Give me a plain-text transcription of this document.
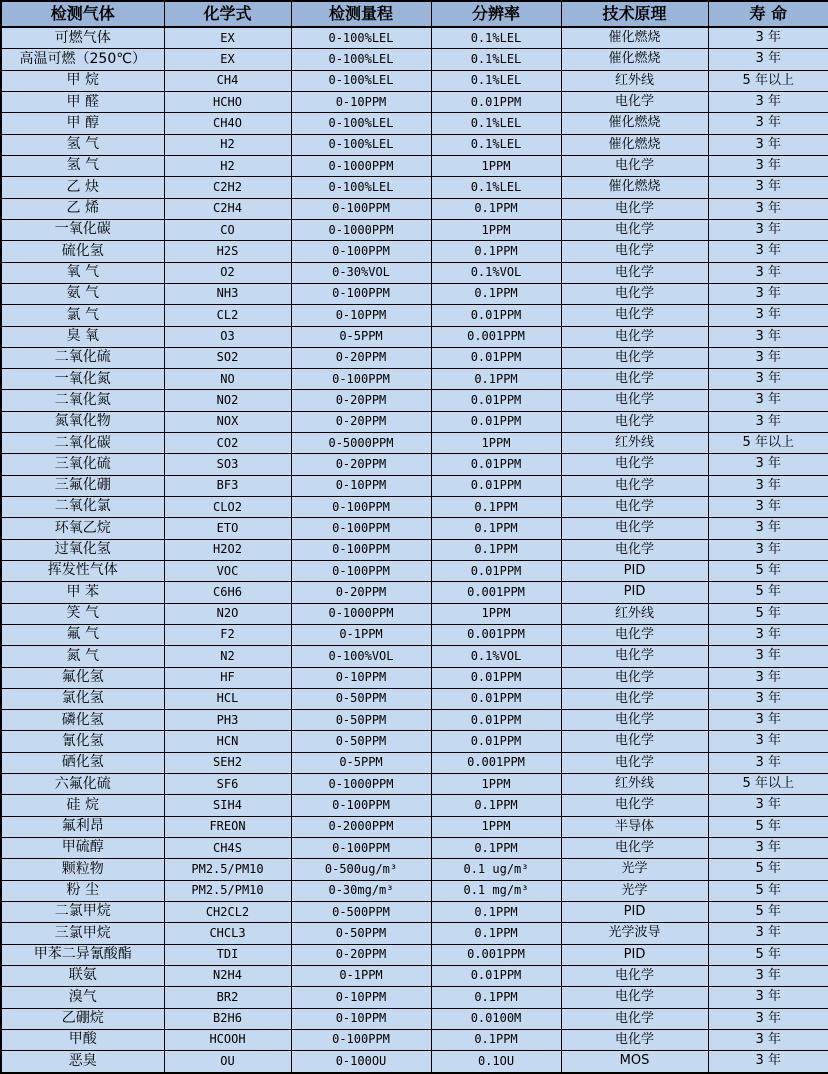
检测气体	化学式	检测量程	分辨率	技术原理	寿 命
可燃气体	EX	0-100%LEL	0.1%LEL	催化燃烧	3 年
高温可燃（250℃）	EX	0-100%LEL	0.1%LEL	催化燃烧	3 年
甲 烷	CH4	0-100%LEL	0.1%LEL	红外线	5 年以上
甲 醛	HCHO	0-10PPM	0.01PPM	电化学	3 年
甲 醇	CH4O	0-100%LEL	0.1%LEL	催化燃烧	3 年
氢 气	H2	0-100%LEL	0.1%LEL	催化燃烧	3 年
氢 气	H2	0-1000PPM	1PPM	电化学	3 年
乙 炔	C2H2	0-100%LEL	0.1%LEL	催化燃烧	3 年
乙 烯	C2H4	0-100PPM	0.1PPM	电化学	3 年
一氧化碳	CO	0-1000PPM	1PPM	电化学	3 年
硫化氢	H2S	0-100PPM	0.1PPM	电化学	3 年
氧 气	O2	0-30%VOL	0.1%VOL	电化学	3 年
氨 气	NH3	0-100PPM	0.1PPM	电化学	3 年
氯 气	CL2	0-10PPM	0.01PPM	电化学	3 年
臭 氧	O3	0-5PPM	0.001PPM	电化学	3 年
二氧化硫	SO2	0-20PPM	0.01PPM	电化学	3 年
一氧化氮	NO	0-100PPM	0.1PPM	电化学	3 年
二氧化氮	NO2	0-20PPM	0.01PPM	电化学	3 年
氮氧化物	NOX	0-20PPM	0.01PPM	电化学	3 年
二氧化碳	CO2	0-5000PPM	1PPM	红外线	5 年以上
三氧化硫	SO3	0-20PPM	0.01PPM	电化学	3 年
三氟化硼	BF3	0-10PPM	0.01PPM	电化学	3 年
二氧化氯	CLO2	0-100PPM	0.1PPM	电化学	3 年
环氧乙烷	ETO	0-100PPM	0.1PPM	电化学	3 年
过氧化氢	H2O2	0-100PPM	0.1PPM	电化学	3 年
挥发性气体	VOC	0-100PPM	0.01PPM	PID	5 年
甲 苯	C6H6	0-20PPM	0.001PPM	PID	5 年
笑 气	N2O	0-1000PPM	1PPM	红外线	5 年
氟 气	F2	0-1PPM	0.001PPM	电化学	3 年
氮 气	N2	0-100%VOL	0.1%VOL	电化学	3 年
氟化氢	HF	0-10PPM	0.01PPM	电化学	3 年
氯化氢	HCL	0-50PPM	0.01PPM	电化学	3 年
磷化氢	PH3	0-50PPM	0.01PPM	电化学	3 年
氰化氢	HCN	0-50PPM	0.01PPM	电化学	3 年
硒化氢	SEH2	0-5PPM	0.001PPM	电化学	3 年
六氟化硫	SF6	0-1000PPM	1PPM	红外线	5 年以上
硅 烷	SIH4	0-100PPM	0.1PPM	电化学	3 年
氟利昂	FREON	0-2000PPM	1PPM	半导体	5 年
甲硫醇	CH4S	0-100PPM	0.1PPM	电化学	3 年
颗粒物	PM2.5/PM10	0-500ug/m³	0.1 ug/m³	光学	5 年
粉 尘	PM2.5/PM10	0-30mg/m³	0.1 mg/m³	光学	5 年
二氯甲烷	CH2CL2	0-500PPM	0.1PPM	PID	5 年
三氯甲烷	CHCL3	0-50PPM	0.1PPM	光学波导	3 年
甲苯二异氰酸酯	TDI	0-20PPM	0.001PPM	PID	5 年
联氨	N2H4	0-1PPM	0.01PPM	电化学	3 年
溴气	BR2	0-10PPM	0.1PPM	电化学	3 年
乙硼烷	B2H6	0-10PPM	0.0100M	电化学	3 年
甲酸	HCOOH	0-100PPM	0.1PPM	电化学	3 年
恶臭	OU	0-100OU	0.1OU	MOS	3 年
